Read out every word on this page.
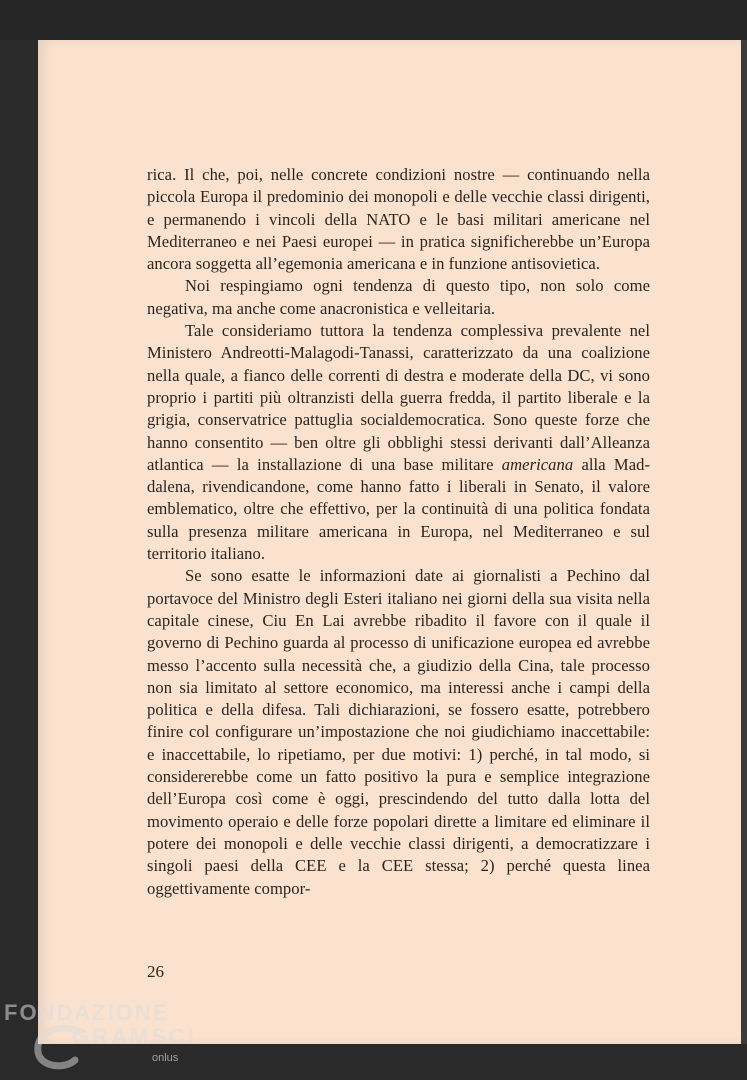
rica. Il che, poi, nelle concrete condizioni nostre — continuando nella piccola Europa il predominio dei monopoli e delle vecchie classi dirigenti, e permanendo i vincoli della NATO e le basi militari americane nel Mediterraneo e nei Paesi europei — in pratica significherebbe un’Europa ancora soggetta all’egemonia americana e in funzione antisovietica.

Noi respingiamo ogni tendenza di questo tipo, non solo come negativa, ma anche come anacronistica e velleitaria.

Tale consideriamo tuttora la tendenza complessiva prevalente nel Ministero Andreotti-Malagodi-Tanassi, caratterizzato da una coalizione nella quale, a fianco delle correnti di destra e moderate della DC, vi sono proprio i partiti più oltranzisti della guerra fredda, il partito liberale e la grigia, conservatrice pattuglia socialdemocratica. Sono queste forze che hanno consentito — ben oltre gli obblighi stessi derivanti dall’Alleanza atlantica — la installazione di una base militare americana alla Maddalena, rivendicandone, come hanno fatto i liberali in Senato, il valore emblematico, oltre che effettivo, per la continuità di una politica fondata sulla presenza militare americana in Europa, nel Mediterraneo e sul territorio italiano.

Se sono esatte le informazioni date ai giornalisti a Pechino dal portavoce del Ministro degli Esteri italiano nei giorni della sua visita nella capitale cinese, Ciu En Lai avrebbe ribadito il favore con il quale il governo di Pechino guarda al processo di unificazione europea ed avrebbe messo l’accento sulla necessità che, a giudizio della Cina, tale processo non sia limitato al settore economico, ma interessi anche i campi della politica e della difesa. Tali dichiarazioni, se fossero esatte, potrebbero finire col configurare un’impostazione che noi giudichiamo inaccettabile: e inaccettabile, lo ripetiamo, per due motivi: 1) perché, in tal modo, si considererebbe come un fatto positivo la pura e semplice integrazione dell’Europa così come è oggi, prescindendo del tutto dalla lotta del movimento operaio e delle forze popolari dirette a limitare ed eliminare il potere dei monopoli e delle vecchie classi dirigenti, a democratizzare i singoli paesi della CEE e la CEE stessa; 2) perché questa linea oggettivamente compor-

26
FONDAZIONE
GRAMSCI
onlus
